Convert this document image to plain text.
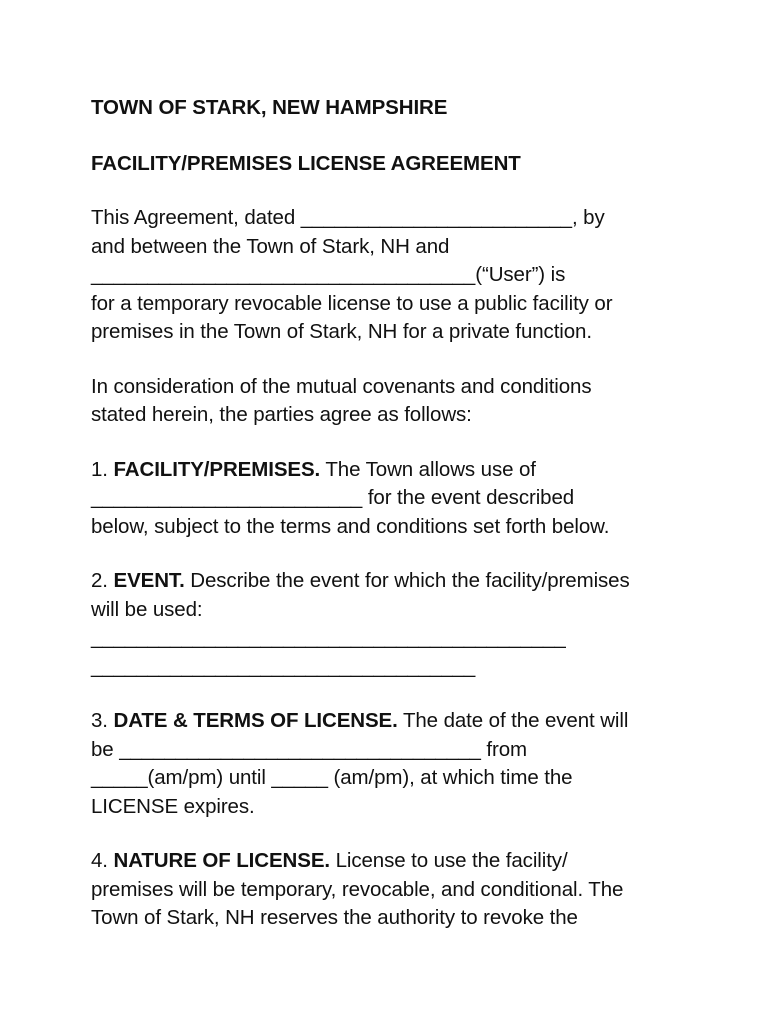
TOWN OF STARK, NEW HAMPSHIRE

FACILITY/PREMISES LICENSE AGREEMENT

This Agreement, dated ________________________, by
and between the Town of Stark, NH and
__________________________________(“User”) is
for a temporary revocable license to use a public facility or
premises in the Town of Stark, NH for a private function.

In consideration of the mutual covenants and conditions
stated herein, the parties agree as follows:

1. FACILITY/PREMISES. The Town allows use of
________________________ for the event described
below, subject to the terms and conditions set forth below.

2. EVENT. Describe the event for which the facility/premises
will be used:
__________________________________________
__________________________________

3. DATE & TERMS OF LICENSE. The date of the event will
be ________________________________ from
_____(am/pm) until _____ (am/pm), at which time the
LICENSE expires.

4. NATURE OF LICENSE. License to use the facility/
premises will be temporary, revocable, and conditional. The
Town of Stark, NH reserves the authority to revoke the
